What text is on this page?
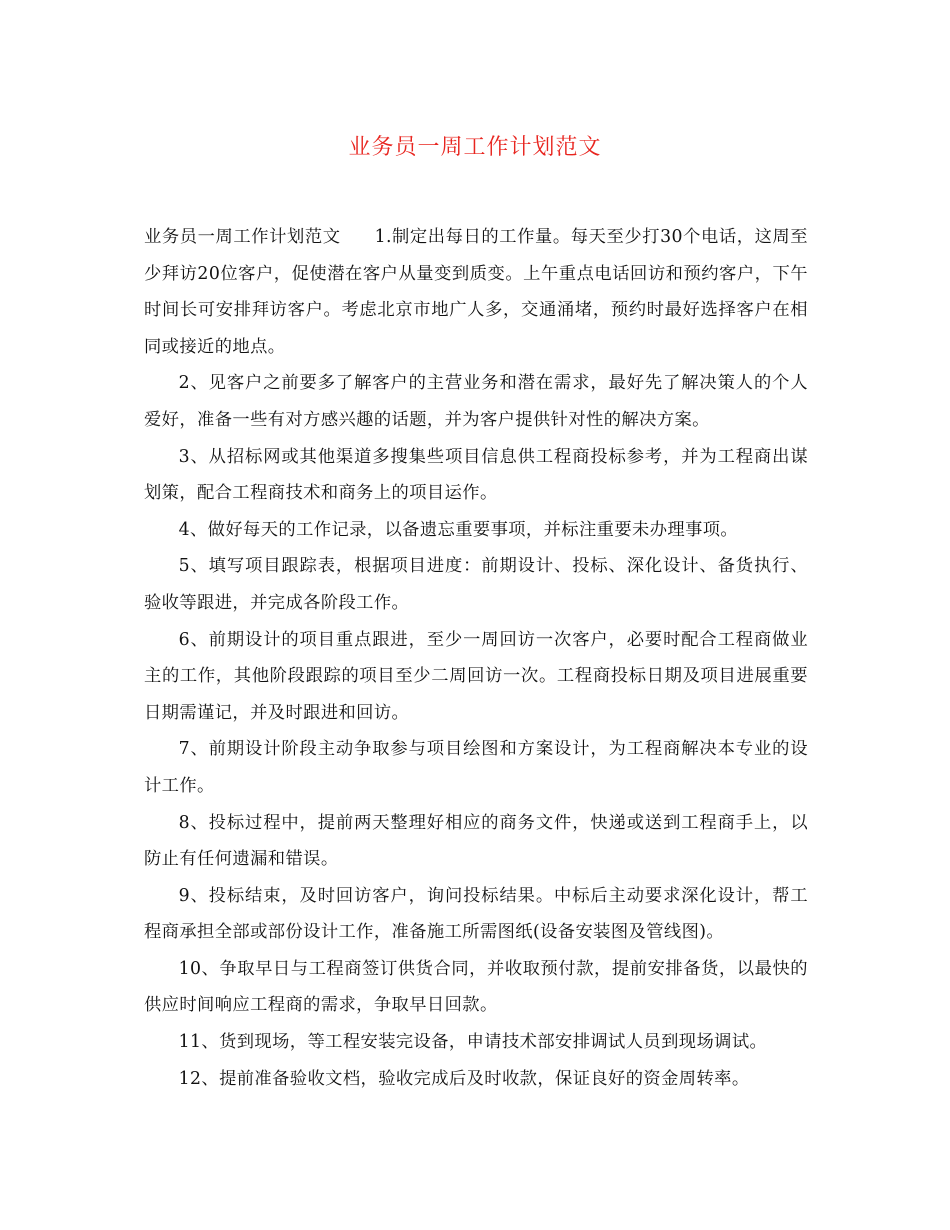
业务员一周工作计划范文

业务员一周工作计划范文 1.制定出每日的工作量。每天至少打30个电话，这周至少拜访20位客户，促使潜在客户从量变到质变。上午重点电话回访和预约客户，下午时间长可安排拜访客户。考虑北京市地广人多，交通涌堵，预约时最好选择客户在相同或接近的地点。

2、见客户之前要多了解客户的主营业务和潜在需求，最好先了解决策人的个人爱好，准备一些有对方感兴趣的话题，并为客户提供针对性的解决方案。

3、从招标网或其他渠道多搜集些项目信息供工程商投标参考，并为工程商出谋划策，配合工程商技术和商务上的项目运作。

4、做好每天的工作记录，以备遗忘重要事项，并标注重要未办理事项。

5、填写项目跟踪表，根据项目进度：前期设计、投标、深化设计、备货执行、验收等跟进，并完成各阶段工作。

6、前期设计的项目重点跟进，至少一周回访一次客户，必要时配合工程商做业主的工作，其他阶段跟踪的项目至少二周回访一次。工程商投标日期及项目进展重要日期需谨记，并及时跟进和回访。

7、前期设计阶段主动争取参与项目绘图和方案设计，为工程商解决本专业的设计工作。

8、投标过程中，提前两天整理好相应的商务文件，快递或送到工程商手上，以防止有任何遗漏和错误。

9、投标结束，及时回访客户，询问投标结果。中标后主动要求深化设计，帮工程商承担全部或部份设计工作，准备施工所需图纸(设备安装图及管线图)。

10、争取早日与工程商签订供货合同，并收取预付款，提前安排备货，以最快的供应时间响应工程商的需求，争取早日回款。

11、货到现场，等工程安装完设备，申请技术部安排调试人员到现场调试。

12、提前准备验收文档，验收完成后及时收款，保证良好的资金周转率。
